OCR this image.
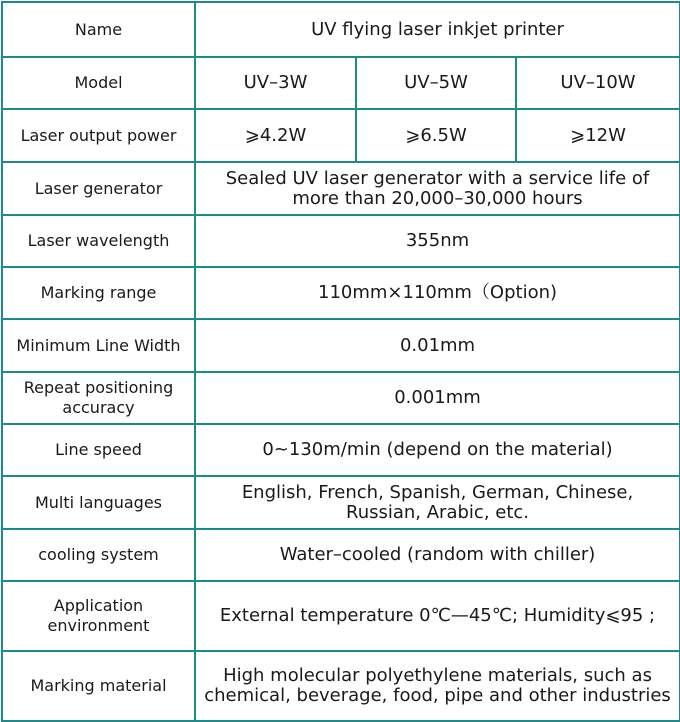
Name	UV flying laser inkjet printer		
Model	UV–3W	UV–5W	UV–10W
Laser output power	⩾4.2W	⩾6.5W	⩾12W
Laser generator	Sealed UV laser generator with a service life of more than 20,000–30,000 hours		
Laser wavelength	355nm		
Marking range	110mm×110mm（Option)		
Minimum Line Width	0.01mm		
Repeat positioning accuracy	0.001mm		
Line speed	0~130m/min (depend on the material)		
Multi languages	English, French, Spanish, German, Chinese, Russian, Arabic, etc.		
cooling system	Water–cooled (random with chiller)		
Application environment	External temperature 0℃—45℃; Humidity⩽95 ;		
Marking material	High molecular polyethylene materials, such as chemical, beverage, food, pipe and other industries		
